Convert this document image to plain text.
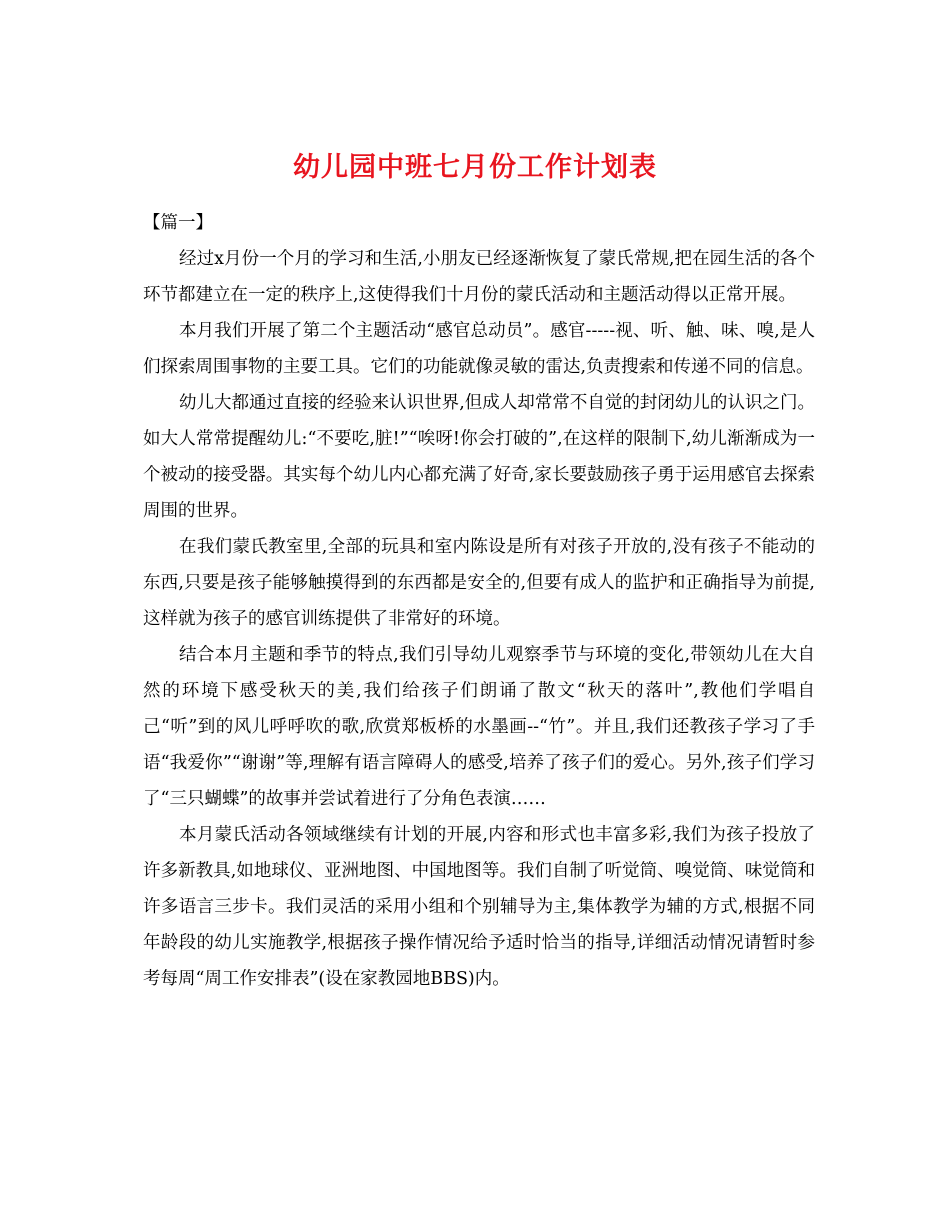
幼儿园中班七月份工作计划表

【篇一】

经过x月份一个月的学习和生活,小朋友已经逐渐恢复了蒙氏常规,把在园生活的各个环节都建立在一定的秩序上,这使得我们十月份的蒙氏活动和主题活动得以正常开展。

本月我们开展了第二个主题活动“感官总动员”。感官-----视、听、触、味、嗅,是人们探索周围事物的主要工具。它们的功能就像灵敏的雷达,负责搜索和传递不同的信息。

幼儿大都通过直接的经验来认识世界,但成人却常常不自觉的封闭幼儿的认识之门。如大人常常提醒幼儿:“不要吃,脏!”“唉呀!你会打破的”,在这样的限制下,幼儿渐渐成为一个被动的接受器。其实每个幼儿内心都充满了好奇,家长要鼓励孩子勇于运用感官去探索周围的世界。

在我们蒙氏教室里,全部的玩具和室内陈设是所有对孩子开放的,没有孩子不能动的东西,只要是孩子能够触摸得到的东西都是安全的,但要有成人的监护和正确指导为前提,这样就为孩子的感官训练提供了非常好的环境。

结合本月主题和季节的特点,我们引导幼儿观察季节与环境的变化,带领幼儿在大自然的环境下感受秋天的美,我们给孩子们朗诵了散文“秋天的落叶”,教他们学唱自己“听”到的风儿呼呼吹的歌,欣赏郑板桥的水墨画--“竹”。并且,我们还教孩子学习了手语“我爱你”“谢谢”等,理解有语言障碍人的感受,培养了孩子们的爱心。另外,孩子们学习了“三只蝴蝶”的故事并尝试着进行了分角色表演……

本月蒙氏活动各领域继续有计划的开展,内容和形式也丰富多彩,我们为孩子投放了许多新教具,如地球仪、亚洲地图、中国地图等。我们自制了听觉筒、嗅觉筒、味觉筒和许多语言三步卡。我们灵活的采用小组和个别辅导为主,集体教学为辅的方式,根据不同年龄段的幼儿实施教学,根据孩子操作情况给予适时恰当的指导,详细活动情况请暂时参考每周“周工作安排表”(设在家教园地BBS)内。
